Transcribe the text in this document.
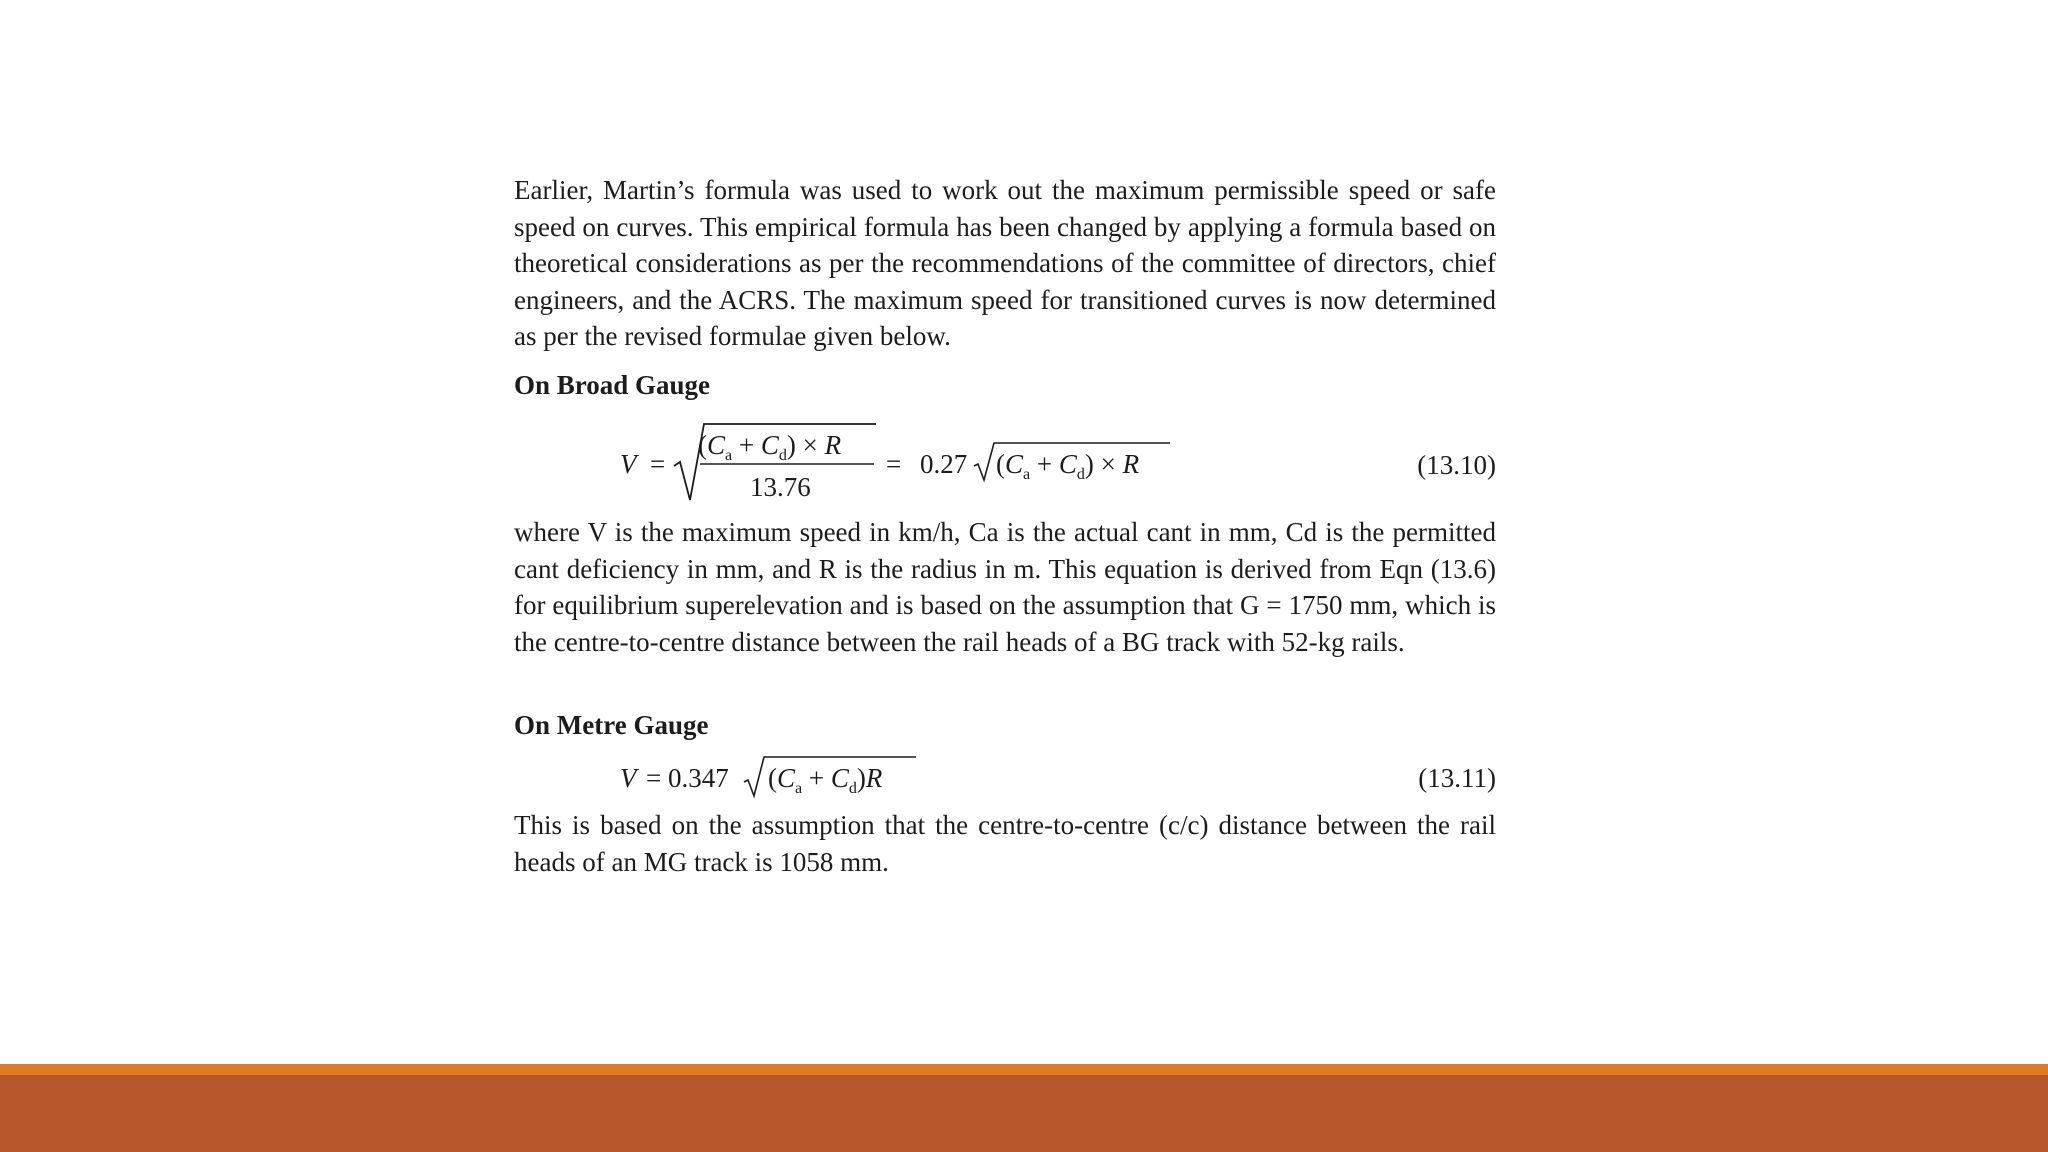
Earlier, Martin’s formula was used to work out the maximum permissible speed or safe speed on curves. This empirical formula has been changed by applying a formula based on theoretical considerations as per the recommendations of the committee of directors, chief engineers, and the ACRS. The maximum speed for transitioned curves is now determined as per the revised formulae given below.

On Broad Gauge

V =
$(C_a + C_d) \times R$
13.76
= 0.27 $(C_a + C_d) \times R$	(13.10)

where V is the maximum speed in km/h, Ca is the actual cant in mm, Cd is the permitted cant deficiency in mm, and R is the radius in m. This equation is derived from Eqn (13.6) for equilibrium superelevation and is based on the assumption that G = 1750 mm, which is the centre-to-centre distance between the rail heads of a BG track with 52-kg rails.

On Metre Gauge

V = 0.347 $(C_a + C_d)R$	(13.11)

This is based on the assumption that the centre-to-centre (c/c) distance between the rail heads of an MG track is 1058 mm.
